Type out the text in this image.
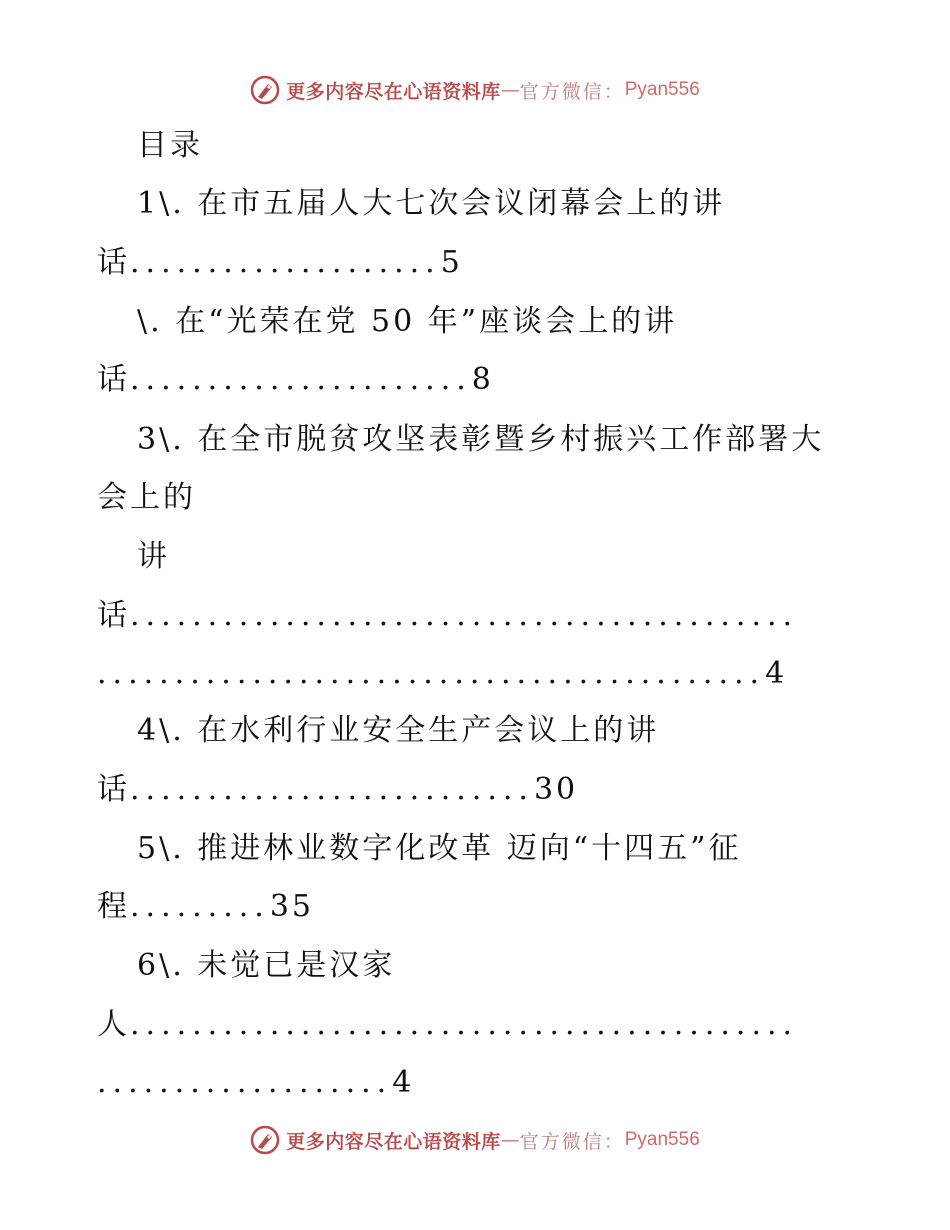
更多内容尽在心语资料库 — 官方微信： Pyan556
目录
1\. 在市五届人大七次会议闭幕会上的讲
话....................5
\. 在“光荣在党 50 年”座谈会上的讲
话......................8
3\. 在全市脱贫攻坚表彰暨乡村振兴工作部署大
会上的
讲
话...........................................
...........................................4
4\. 在水利行业安全生产会议上的讲
话..........................30
5\. 推进林业数字化改革 迈向“十四五”征
程.........35
6\. 未觉已是汉家
人...........................................
...................4
更多内容尽在心语资料库 — 官方微信： Pyan556
